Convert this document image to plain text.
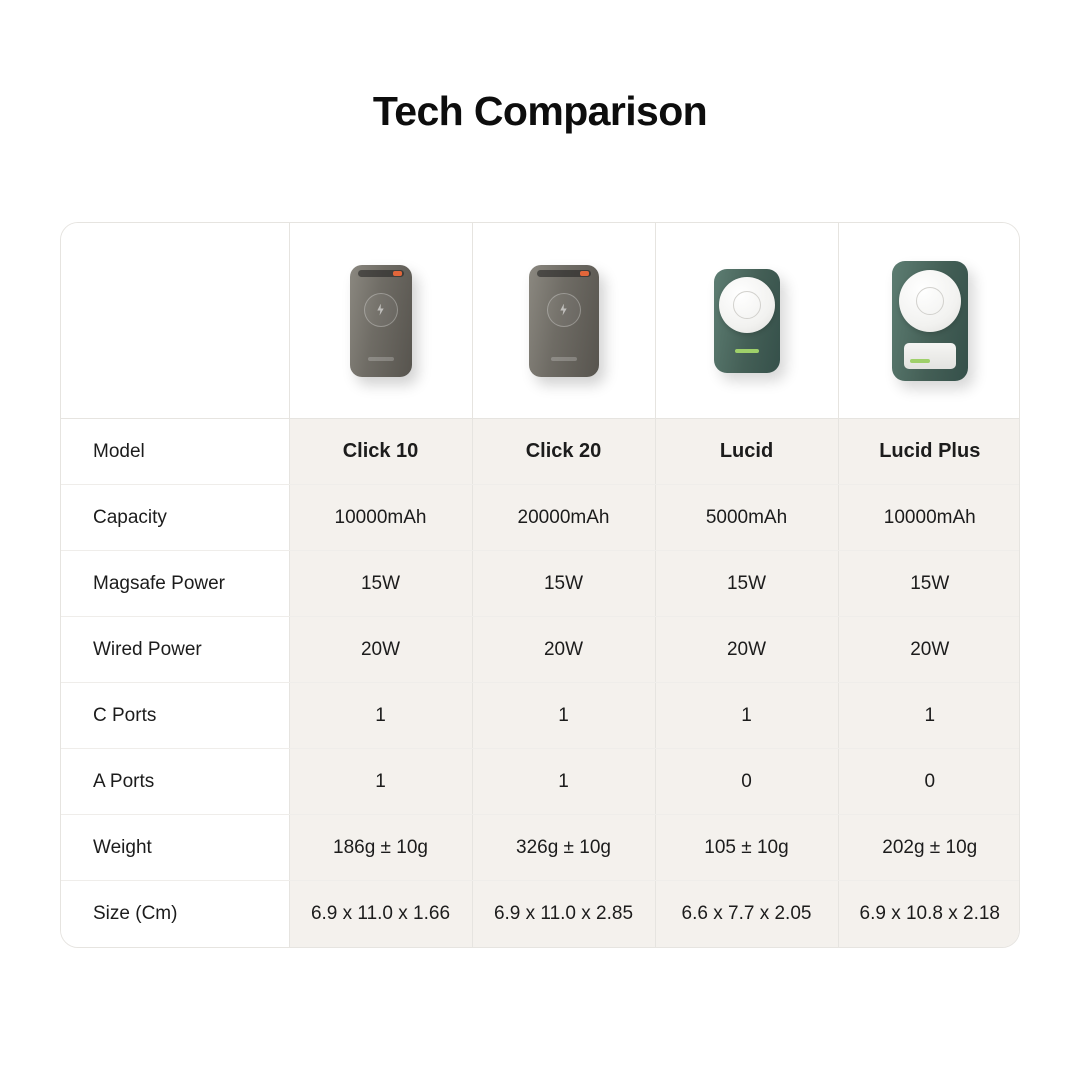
Tech Comparison

Model	Click 10	Click 20	Lucid	Lucid Plus
Capacity	10000mAh	20000mAh	5000mAh	10000mAh
Magsafe Power	15W	15W	15W	15W
Wired Power	20W	20W	20W	20W
C Ports	1	1	1	1
A Ports	1	1	0	0
Weight	186g ± 10g	326g ± 10g	105 ± 10g	202g ± 10g
Size (Cm)	6.9 x 11.0 x 1.66	6.9 x 11.0 x 2.85	6.6 x 7.7 x 2.05	6.9 x 10.8 x 2.18
